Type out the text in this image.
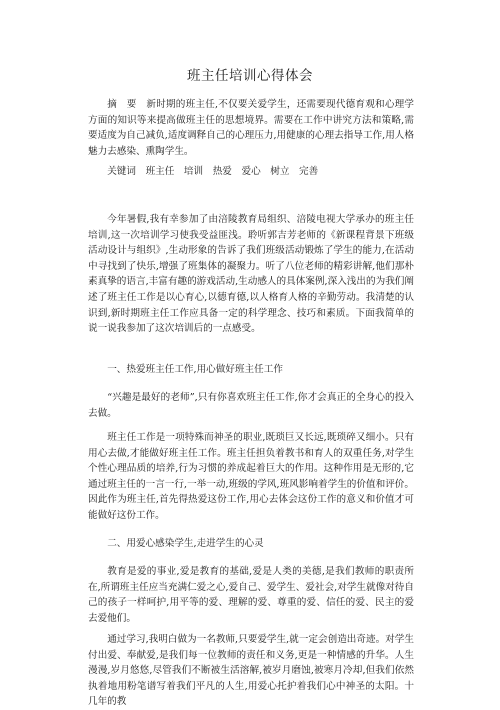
班主任培训心得体会
摘　要　 新时期的班主任,不仅要关爱学生，还需要现代德育观和心理学方面的知识等来提高做班主任的思想境界。需要在工作中讲究方法和策略,需要适度为自己减负,适度调释自己的心理压力,用健康的心理去指导工作,用人格魅力去感染、熏陶学生。
关键词　 班主任　培训　热爱　爱心　树立　完善

今年暑假,我有幸参加了由涪陵教育局组织、涪陵电视大学承办的班主任培训,这一次培训学习使我受益匪浅。聆听郭吉芳老师的《新课程背景下班级活动设计与组织》,生动形象的告诉了我们班级活动锻炼了学生的能力,在活动中寻找到了快乐,增强了班集体的凝聚力。听了八位老师的精彩讲解,他们那朴素真挚的语言,丰富有趣的游戏活动,生动感人的具体案例,深入浅出的为我们阐述了班主任工作是以心育心,以德育德,以人格育人格的辛勤劳动。我清楚的认识到,新时期班主任工作应具备一定的科学理念、技巧和素质。下面我简单的说一说我参加了这次培训后的一点感受。

一、热爱班主任工作,用心做好班主任工作

“兴趣是最好的老师”,只有你喜欢班主任工作,你才会真正的全身心的投入去做。

班主任工作是一项特殊而神圣的职业,既琐巨又长远,既琐碎又细小。只有用心去做,才能做好班主任工作。班主任担负着教书和育人的双重任务,对学生个性心理品质的培养,行为习惯的养成起着巨大的作用。这种作用是无形的,它通过班主任的一言一行,一举一动,班级的学风,班风影响着学生的价值和评价。因此作为班主任,首先得热爱这份工作,用心去体会这份工作的意义和价值才可能做好这份工作。

二、用爱心感染学生,走进学生的心灵

教育是爱的事业,爱是教育的基础,爱是人类的美德,是我们教师的职责所在,所谓班主任应当充满仁爱之心,爱自己、爱学生、爱社会,对学生就像对待自己的孩子一样呵护,用平等的爱、理解的爱、尊重的爱、信任的爱、民主的爱去爱他们。

通过学习,我明白做为一名教师,只要爱学生,就一定会创造出奇迹。对学生付出爱、奉献爱,是我们每一位教师的责任和义务,更是一种情感的升华。人生漫漫,岁月悠悠,尽管我们不断被生活溶解,被岁月磨蚀,被寒月冷却,但我们依然执着地用粉笔谱写着我们平凡的人生,用爱心托护着我们心中神圣的太阳。十几年的教
